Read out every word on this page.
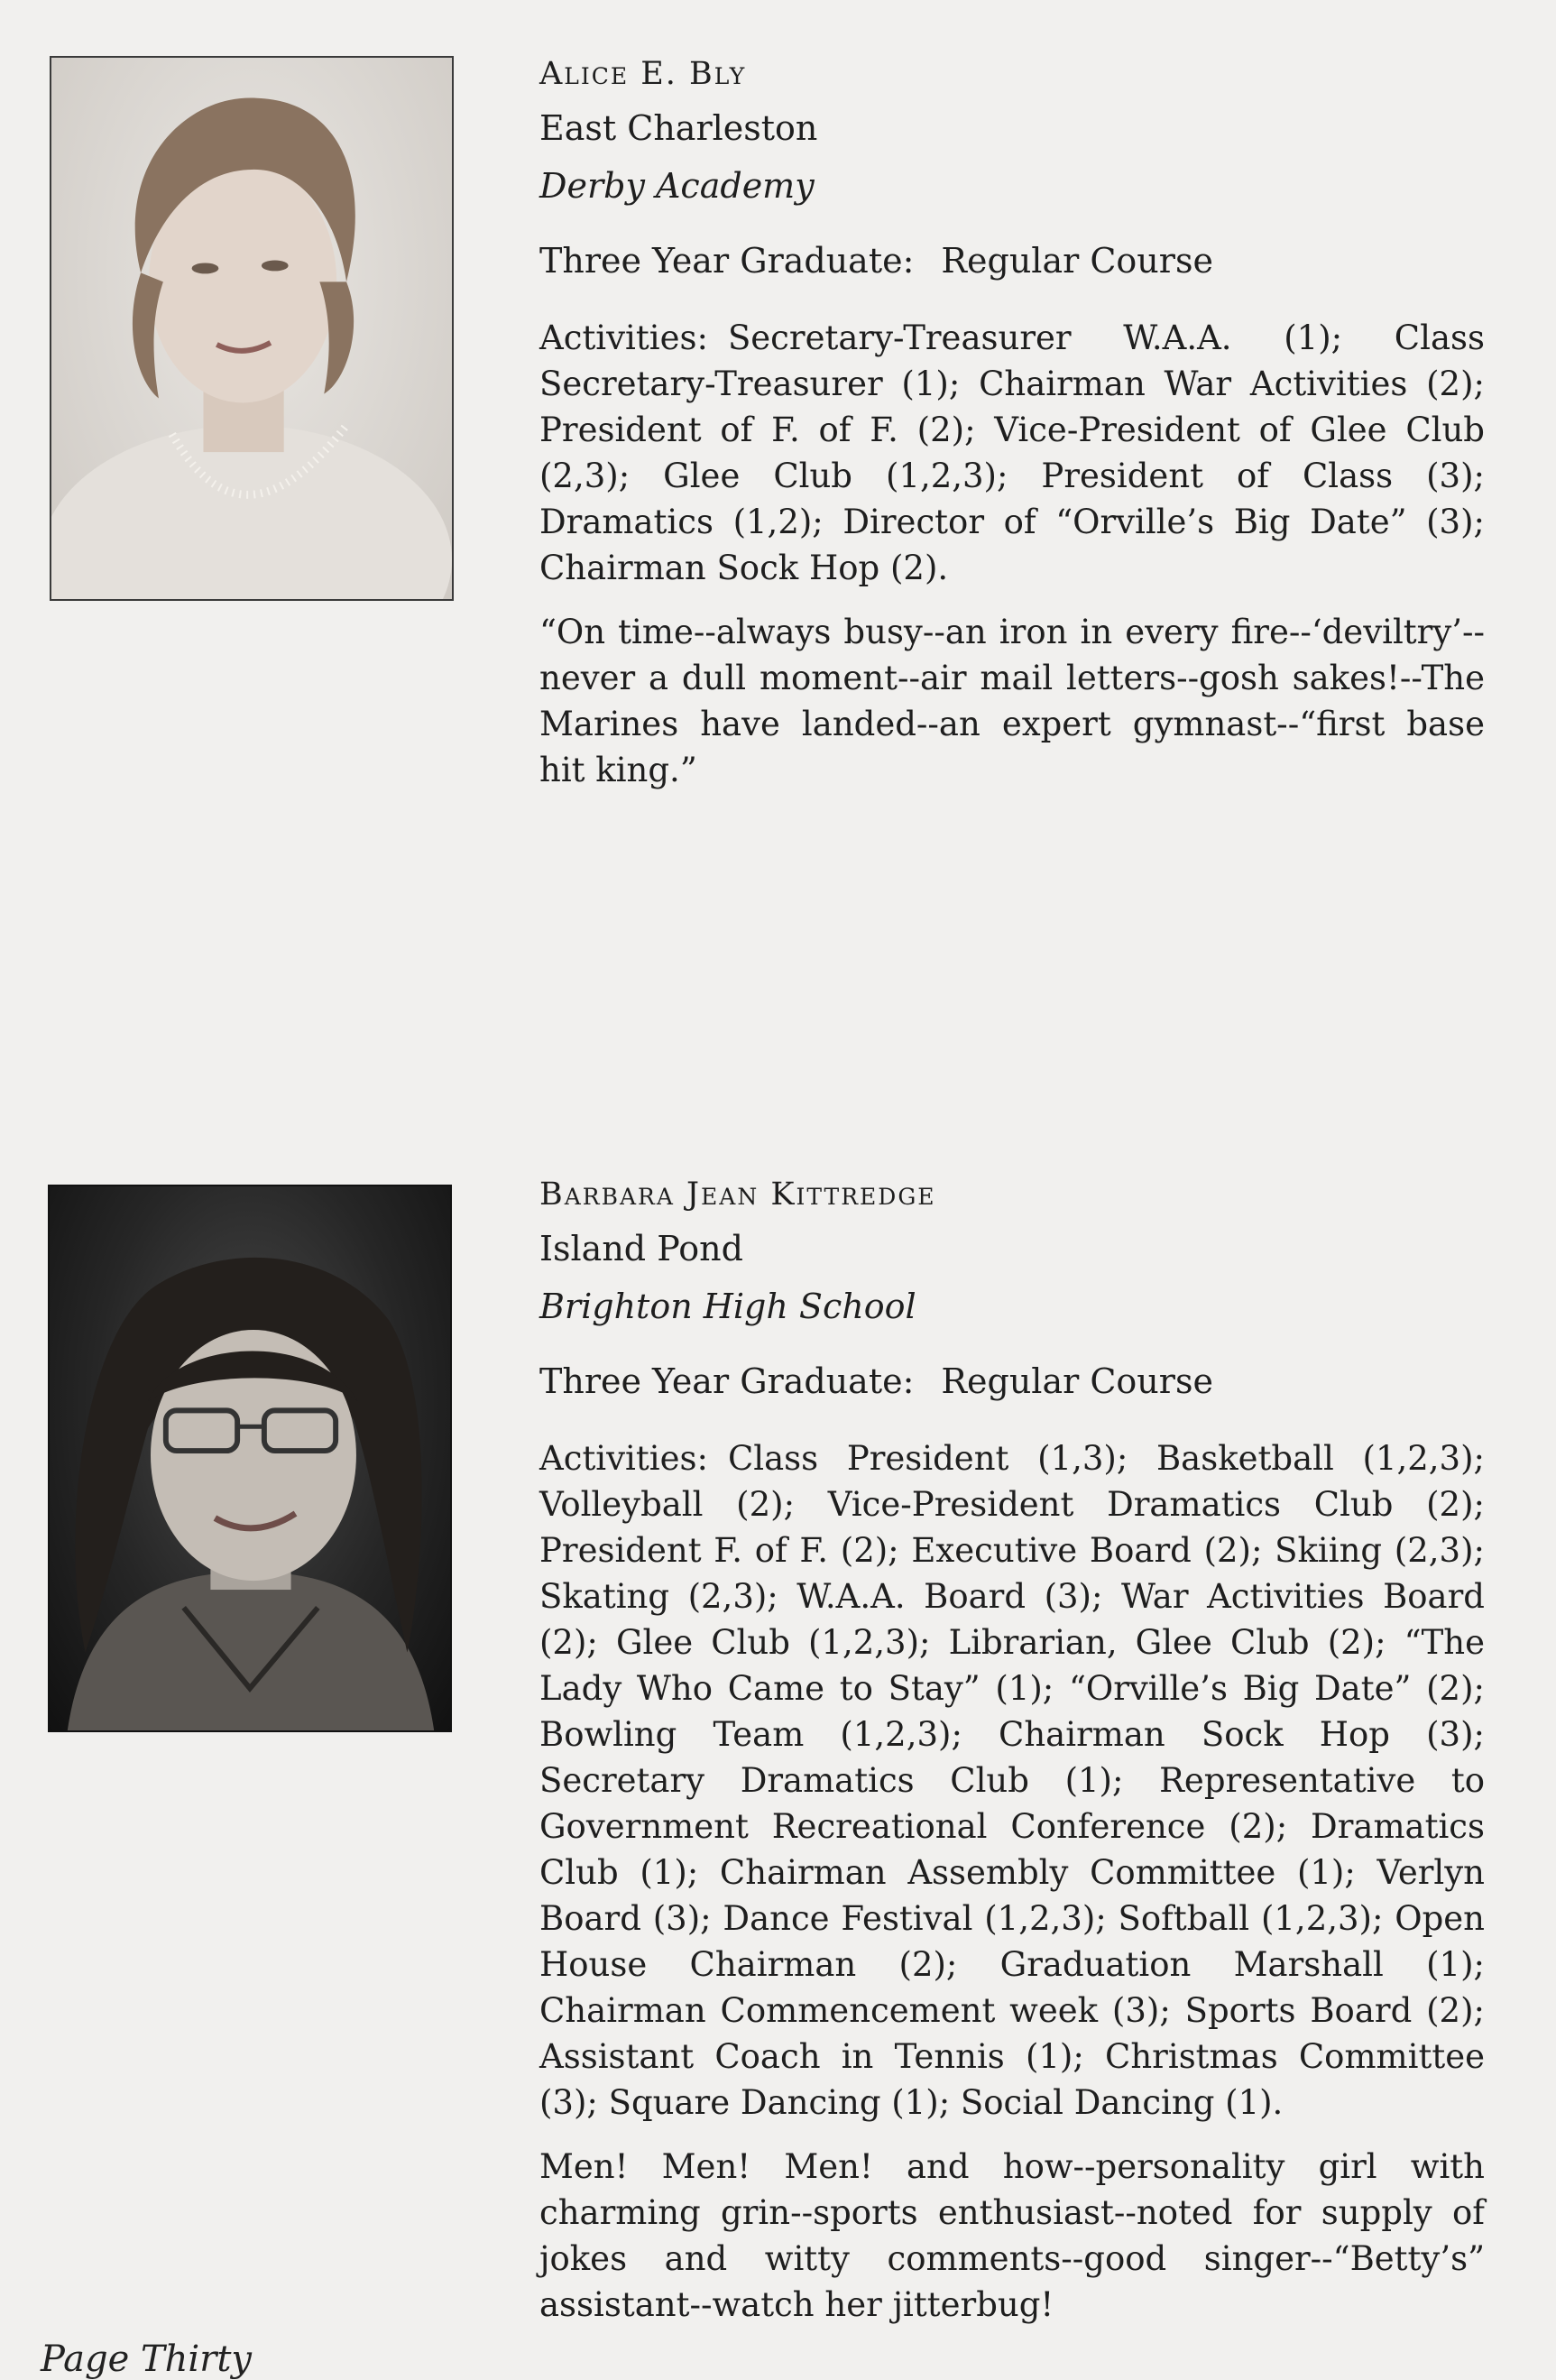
Alice E. Bly
East Charleston
Derby Academy
Three Year Graduate: Regular Course

Activities: Secretary-Treasurer W.A.A. (1); Class Secretary-Treasurer (1); Chairman War Activities (2); President of F. of F. (2); Vice-President of Glee Club (2,3); Glee Club (1,2,3); President of Class (3); Dramatics (1,2); Director of “Orville’s Big Date” (3); Chairman Sock Hop (2).

“On time--always busy--an iron in every fire--‘deviltry’--never a dull moment--air mail letters--gosh sakes!--The Marines have landed--an expert gymnast--“first base hit king.”

Barbara Jean Kittredge
Island Pond
Brighton High School
Three Year Graduate: Regular Course

Activities: Class President (1,3); Basketball (1,2,3); Volleyball (2); Vice-President Dramatics Club (2); President F. of F. (2); Executive Board (2); Skiing (2,3); Skating (2,3); W.A.A. Board (3); War Activities Board (2); Glee Club (1,2,3); Librarian, Glee Club (2); “The Lady Who Came to Stay” (1); “Orville’s Big Date” (2); Bowling Team (1,2,3); Chairman Sock Hop (3); Secretary Dramatics Club (1); Representative to Government Recreational Conference (2); Dramatics Club (1); Chairman Assembly Committee (1); Verlyn Board (3); Dance Festival (1,2,3); Softball (1,2,3); Open House Chairman (2); Graduation Marshall (1); Chairman Commencement week (3); Sports Board (2); Assistant Coach in Tennis (1); Christmas Committee (3); Square Dancing (1); Social Dancing (1).

Men! Men! Men! and how--personality girl with charming grin--sports enthusiast--noted for supply of jokes and witty comments--good singer--“Betty’s” assistant--watch her jitterbug!

Page Thirty
